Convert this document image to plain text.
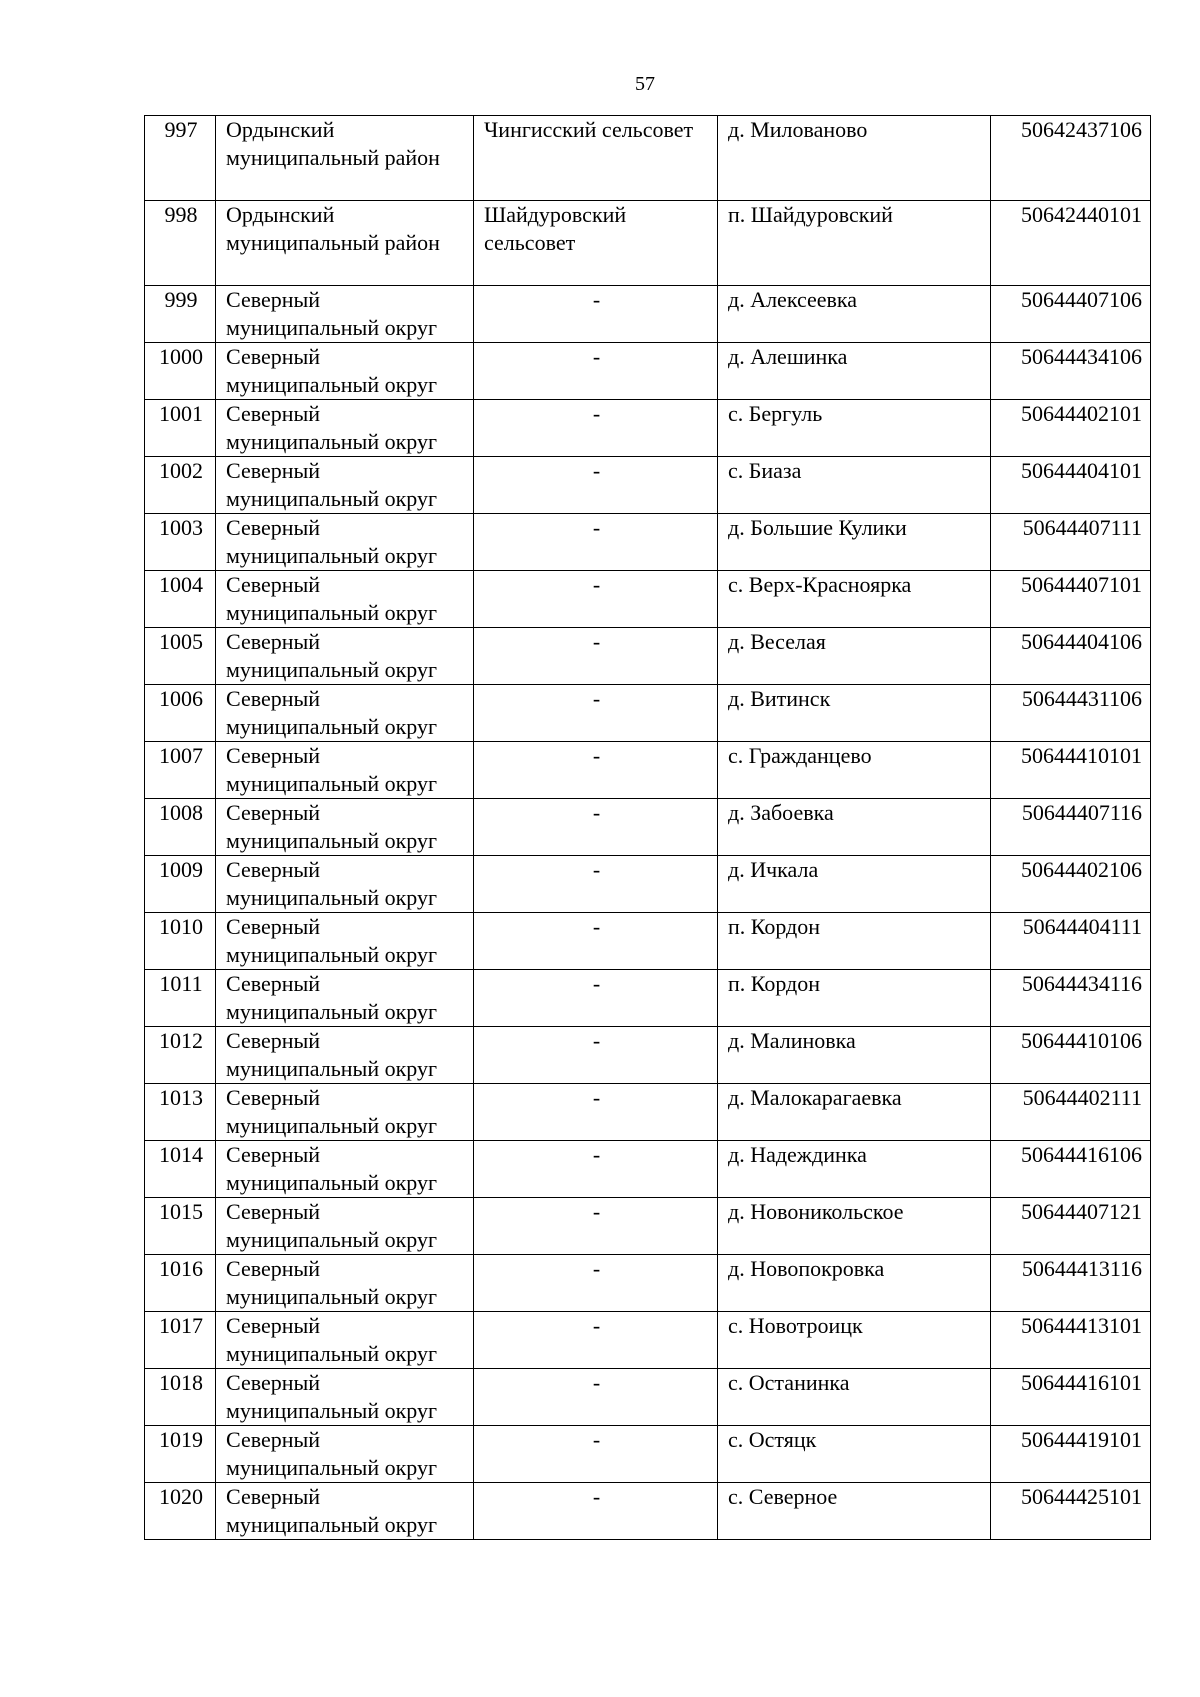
57
997	Ордынский муниципальный район	Чингисский сельсовет	д. Милованово	50642437106
998	Ордынский муниципальный район	Шайдуровский сельсовет	п. Шайдуровский	50642440101
999	Северный муниципальный округ	-	д. Алексеевка	50644407106
1000	Северный муниципальный округ	-	д. Алешинка	50644434106
1001	Северный муниципальный округ	-	с. Бергуль	50644402101
1002	Северный муниципальный округ	-	с. Биаза	50644404101
1003	Северный муниципальный округ	-	д. Большие Кулики	50644407111
1004	Северный муниципальный округ	-	с. Верх-Красноярка	50644407101
1005	Северный муниципальный округ	-	д. Веселая	50644404106
1006	Северный муниципальный округ	-	д. Витинск	50644431106
1007	Северный муниципальный округ	-	с. Гражданцево	50644410101
1008	Северный муниципальный округ	-	д. Забоевка	50644407116
1009	Северный муниципальный округ	-	д. Ичкала	50644402106
1010	Северный муниципальный округ	-	п. Кордон	50644404111
1011	Северный муниципальный округ	-	п. Кордон	50644434116
1012	Северный муниципальный округ	-	д. Малиновка	50644410106
1013	Северный муниципальный округ	-	д. Малокарагаевка	50644402111
1014	Северный муниципальный округ	-	д. Надеждинка	50644416106
1015	Северный муниципальный округ	-	д. Новоникольское	50644407121
1016	Северный муниципальный округ	-	д. Новопокровка	50644413116
1017	Северный муниципальный округ	-	с. Новотроицк	50644413101
1018	Северный муниципальный округ	-	с. Останинка	50644416101
1019	Северный муниципальный округ	-	с. Остяцк	50644419101
1020	Северный муниципальный округ	-	с. Северное	50644425101
